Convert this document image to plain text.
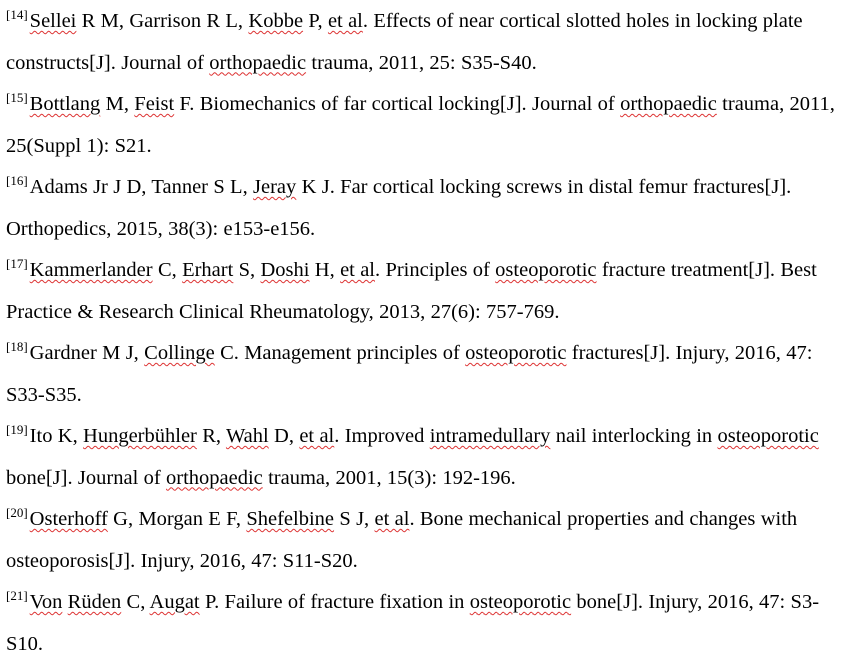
[14]Sellei R M, Garrison R L, Kobbe P, et al. Effects of near cortical slotted holes in locking plate constructs[J]. Journal of orthopaedic trauma, 2011, 25: S35-S40.

[15]Bottlang M, Feist F. Biomechanics of far cortical locking[J]. Journal of orthopaedic trauma, 2011, 25(Suppl 1): S21.

[16]Adams Jr J D, Tanner S L, Jeray K J. Far cortical locking screws in distal femur fractures[J]. Orthopedics, 2015, 38(3): e153-e156.

[17]Kammerlander C, Erhart S, Doshi H, et al. Principles of osteoporotic fracture treatment[J]. Best Practice & Research Clinical Rheumatology, 2013, 27(6): 757-769.

[18]Gardner M J, Collinge C. Management principles of osteoporotic fractures[J]. Injury, 2016, 47: S33-S35.

[19]Ito K, Hungerbühler R, Wahl D, et al. Improved intramedullary nail interlocking in osteoporotic bone[J]. Journal of orthopaedic trauma, 2001, 15(3): 192-196.

[20]Osterhoff G, Morgan E F, Shefelbine S J, et al. Bone mechanical properties and changes with osteoporosis[J]. Injury, 2016, 47: S11-S20.

[21]Von Rüden C, Augat P. Failure of fracture fixation in osteoporotic bone[J]. Injury, 2016, 47: S3-S10.
